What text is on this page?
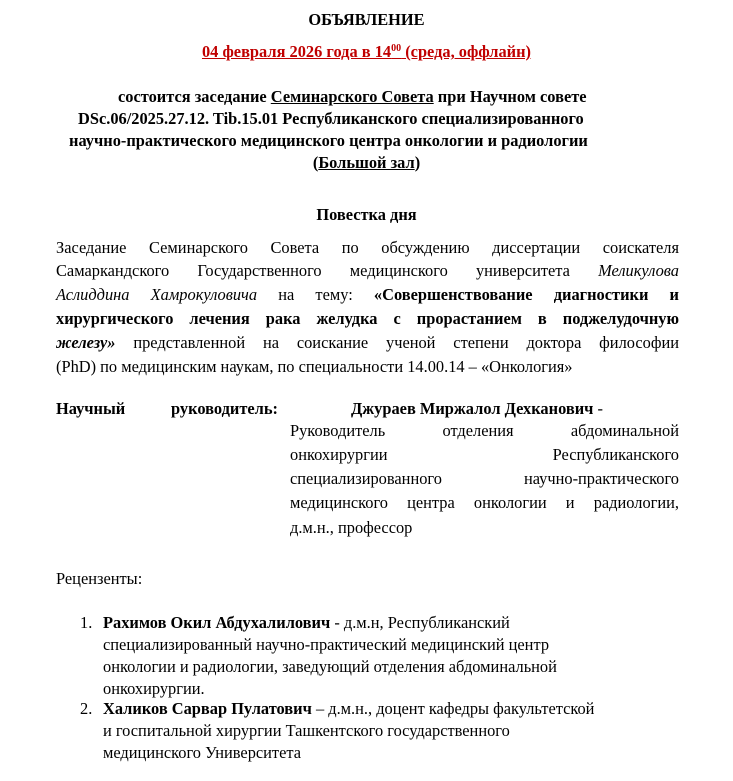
ОБЪЯВЛЕНИЕ
04 февраля 2026 года в $14^{00}$ (среда, оффлайн)
состоится заседание Семинарского Совета при Научном совете
DSc.06/2025.27.12. Tib.15.01 Республиканского специализированного
научно-практического медицинского центра онкологии и радиологии
(Большой зал)
Повестка дня
Заседание Семинарского Совета по обсуждению диссертации соискателя
Самаркандского Государственного медицинского университета Меликулова
Аслиддина Хамрокуловича на тему: «Совершенствование диагностики и
хирургического лечения рака желудка с прорастанием в поджелудочную
железу» представленной на соискание ученой степени доктора философии
(PhD) по медицинским наукам, по специальности 14.00.14 – «Онкология»
Научный руководитель:	Джураев Миржалол Дехканович -
Руководитель отделения абдоминальной
онкохирургии Республиканского
специализированного научно-практического
медицинского центра онкологии и радиологии,
д.м.н., профессор
Рецензенты:
1. Рахимов Окил Абдухалилович - д.м.н, Республиканский
специализированный научно-практический медицинский центр
онкологии и радиологии, заведующий отделения абдоминальной
онкохирургии.
2. Халиков Сарвар Пулатович – д.м.н., доцент кафедры факультетской
и госпитальной хирургии Ташкентского государственного
медицинского Университета
